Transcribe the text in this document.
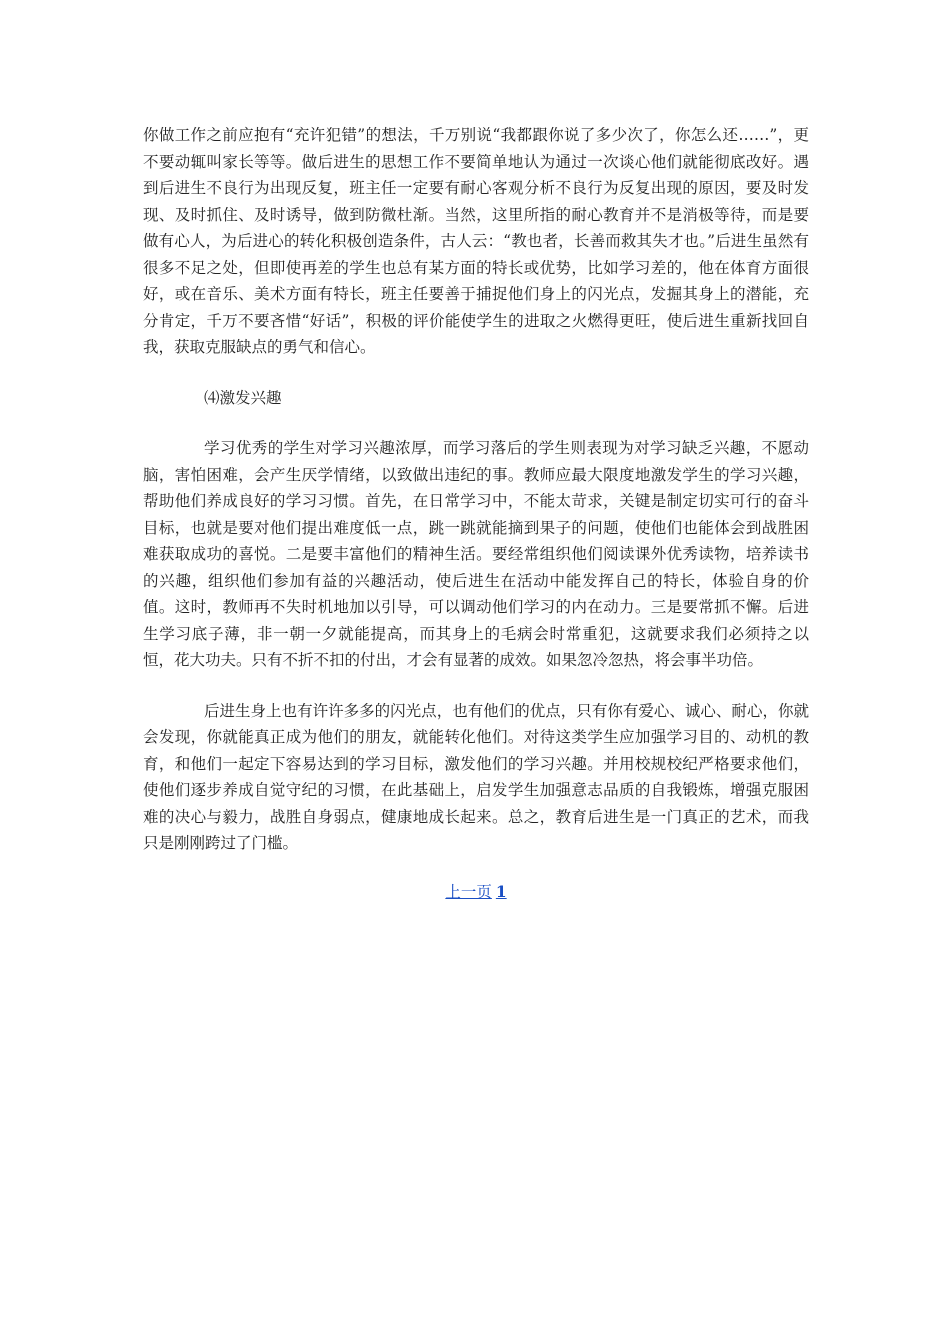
你做工作之前应抱有“充许犯错”的想法，千万别说“我都跟你说了多少次了，你怎么还……”，更不要动辄叫家长等等。做后进生的思想工作不要简单地认为通过一次谈心他们就能彻底改好。遇到后进生不良行为出现反复，班主任一定要有耐心客观分析不良行为反复出现的原因，要及时发现、及时抓住、及时诱导，做到防微杜渐。当然，这里所指的耐心教育并不是消极等待，而是要做有心人，为后进心的转化积极创造条件，古人云：“教也者，长善而救其失才也。”后进生虽然有很多不足之处，但即使再差的学生也总有某方面的特长或优势，比如学习差的，他在体育方面很好，或在音乐、美术方面有特长，班主任要善于捕捉他们身上的闪光点，发掘其身上的潜能，充分肯定，千万不要吝惜“好话”，积极的评价能使学生的进取之火燃得更旺，使后进生重新找回自我，获取克服缺点的勇气和信心。

⑷激发兴趣

学习优秀的学生对学习兴趣浓厚，而学习落后的学生则表现为对学习缺乏兴趣，不愿动脑，害怕困难，会产生厌学情绪，以致做出违纪的事。教师应最大限度地激发学生的学习兴趣，帮助他们养成良好的学习习惯。首先，在日常学习中，不能太苛求，关键是制定切实可行的奋斗目标，也就是要对他们提出难度低一点，跳一跳就能摘到果子的问题，使他们也能体会到战胜困难获取成功的喜悦。二是要丰富他们的精神生活。要经常组织他们阅读课外优秀读物，培养读书的兴趣，组织他们参加有益的兴趣活动，使后进生在活动中能发挥自己的特长，体验自身的价值。这时，教师再不失时机地加以引导，可以调动他们学习的内在动力。三是要常抓不懈。后进生学习底子薄，非一朝一夕就能提高，而其身上的毛病会时常重犯，这就要求我们必须持之以恒，花大功夫。只有不折不扣的付出，才会有显著的成效。如果忽冷忽热，将会事半功倍。

后进生身上也有许许多多的闪光点，也有他们的优点，只有你有爱心、诚心、耐心，你就会发现，你就能真正成为他们的朋友，就能转化他们。对待这类学生应加强学习目的、动机的教育，和他们一起定下容易达到的学习目标，激发他们的学习兴趣。并用校规校纪严格要求他们，使他们逐步养成自觉守纪的习惯，在此基础上，启发学生加强意志品质的自我锻炼，增强克服困难的决心与毅力，战胜自身弱点，健康地成长起来。总之，教育后进生是一门真正的艺术，而我只是刚刚跨过了门槛。

上一页 1
